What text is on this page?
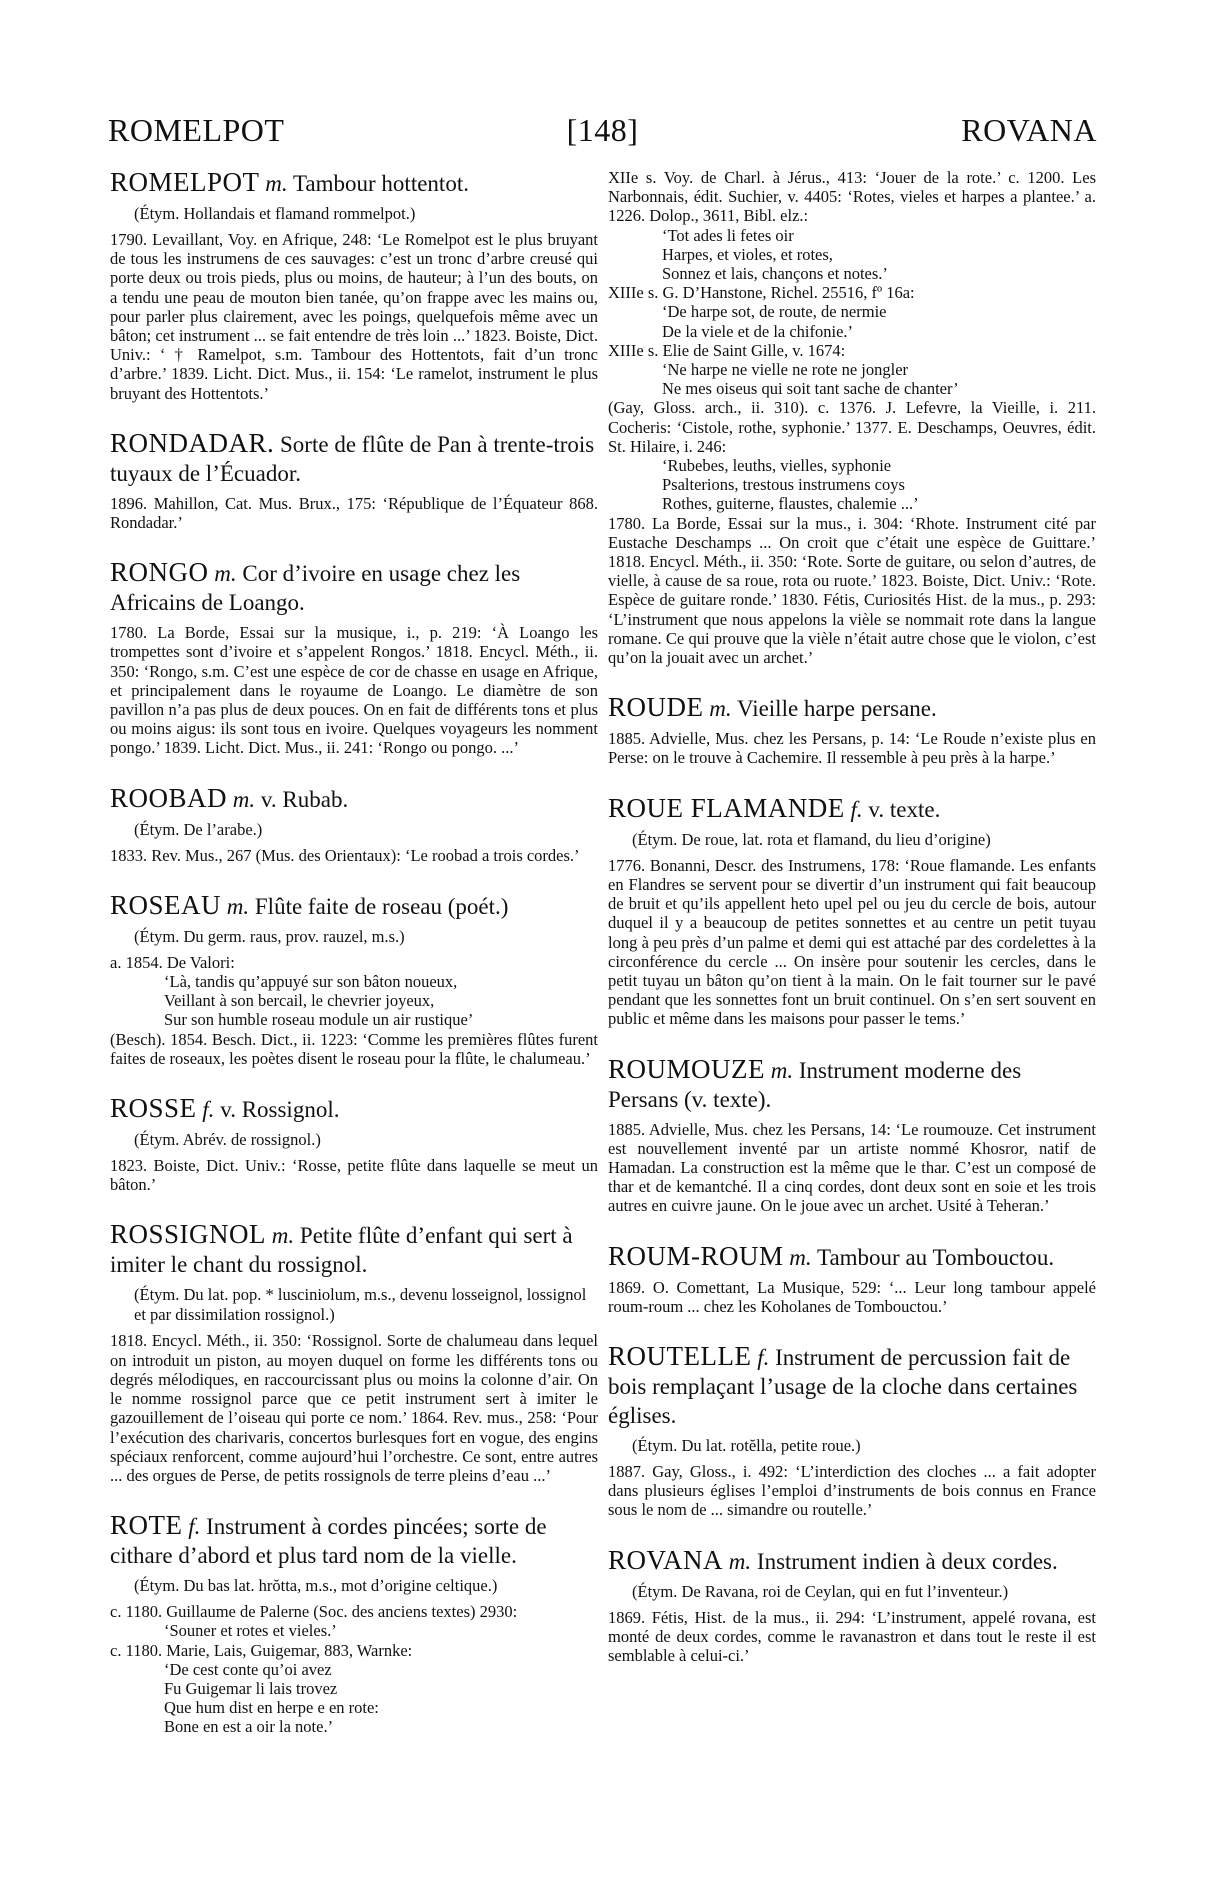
ROMELPOT	[148]	ROVANA

ROMELPOT m. Tambour hottentot.

(Étym. Hollandais et flamand rommelpot.)

1790. Levaillant, Voy. en Afrique, 248: ‘Le Romelpot est le plus bruyant de tous les instrumens de ces sauvages: c’est un tronc d’arbre creusé qui porte deux ou trois pieds, plus ou moins, de hauteur; à l’un des bouts, on a tendu une peau de mouton bien tanée, qu’on frappe avec les mains ou, pour parler plus clairement, avec les poings, quelquefois même avec un bâton; cet instrument ... se fait entendre de très loin ...’ 1823. Boiste, Dict. Univ.: ‘ † Ramelpot, s.m. Tambour des Hottentots, fait d’un tronc d’arbre.’ 1839. Licht. Dict. Mus., ii. 154: ‘Le ramelot, instrument le plus bruyant des Hottentots.’

RONDADAR. Sorte de flûte de Pan à trente-trois tuyaux de l’Écuador.

1896. Mahillon, Cat. Mus. Brux., 175: ‘République de l’Équateur 868. Rondadar.’

RONGO m. Cor d’ivoire en usage chez les Africains de Loango.

1780. La Borde, Essai sur la musique, i., p. 219: ‘À Loango les trompettes sont d’ivoire et s’appelent Rongos.’ 1818. Encycl. Méth., ii. 350: ‘Rongo, s.m. C’est une espèce de cor de chasse en usage en Afrique, et principalement dans le royaume de Loango. Le diamètre de son pavillon n’a pas plus de deux pouces. On en fait de différents tons et plus ou moins aigus: ils sont tous en ivoire. Quelques voyageurs les nomment pongo.’ 1839. Licht. Dict. Mus., ii. 241: ‘Rongo ou pongo. ...’

ROOBAD m. v. Rubab.

(Étym. De l’arabe.)

1833. Rev. Mus., 267 (Mus. des Orientaux): ‘Le roobad a trois cordes.’

ROSEAU m. Flûte faite de roseau (poét.)

(Étym. Du germ. raus, prov. rauzel, m.s.)

a. 1854. De Valori:

‘Là, tandis qu’appuyé sur son bâton noueux,

Veillant à son bercail, le chevrier joyeux,

Sur son humble roseau module un air rustique’

(Besch). 1854. Besch. Dict., ii. 1223: ‘Comme les premières flûtes furent faites de roseaux, les poètes disent le roseau pour la flûte, le chalumeau.’

ROSSE f. v. Rossignol.

(Étym. Abrév. de rossignol.)

1823. Boiste, Dict. Univ.: ‘Rosse, petite flûte dans laquelle se meut un bâton.’

ROSSIGNOL m. Petite flûte d’enfant qui sert à imiter le chant du rossignol.

(Étym. Du lat. pop. * lusciniolum, m.s., devenu losseignol, lossignol et par dissimilation rossignol.)

1818. Encycl. Méth., ii. 350: ‘Rossignol. Sorte de chalumeau dans lequel on introduit un piston, au moyen duquel on forme les différents tons ou degrés mélodiques, en raccourcissant plus ou moins la colonne d’air. On le nomme rossignol parce que ce petit instrument sert à imiter le gazouillement de l’oiseau qui porte ce nom.’ 1864. Rev. mus., 258: ‘Pour l’exécution des charivaris, concertos burlesques fort en vogue, des engins spéciaux renforcent, comme aujourd’hui l’orchestre. Ce sont, entre autres ... des orgues de Perse, de petits rossignols de terre pleins d’eau ...’

ROTE f. Instrument à cordes pincées; sorte de cithare d’abord et plus tard nom de la vielle.

(Étym. Du bas lat. hrŏtta, m.s., mot d’origine celtique.)

c. 1180. Guillaume de Palerne (Soc. des anciens textes) 2930:

‘Souner et rotes et vieles.’

c. 1180. Marie, Lais, Guigemar, 883, Warnke:

‘De cest conte qu’oi avez

Fu Guigemar li lais trovez

Que hum dist en herpe e en rote:

Bone en est a oir la note.’

XIIe s. Voy. de Charl. à Jérus., 413: ‘Jouer de la rote.’ c. 1200. Les Narbonnais, édit. Suchier, v. 4405: ‘Rotes, vieles et harpes a plantee.’ a. 1226. Dolop., 3611, Bibl. elz.:

‘Tot ades li fetes oir

Harpes, et violes, et rotes,

Sonnez et lais, chançons et notes.’

XIIIe s. G. D’Hanstone, Richel. 25516, fº 16a:

‘De harpe sot, de route, de nermie

De la viele et de la chifonie.’

XIIIe s. Elie de Saint Gille, v. 1674:

‘Ne harpe ne vielle ne rote ne jongler

Ne mes oiseus qui soit tant sache de chanter’

(Gay, Gloss. arch., ii. 310). c. 1376. J. Lefevre, la Vieille, i. 211. Cocheris: ‘Cistole, rothe, syphonie.’ 1377. E. Deschamps, Oeuvres, édit. St. Hilaire, i. 246:

‘Rubebes, leuths, vielles, syphonie

Psalterions, trestous instrumens coys

Rothes, guiterne, flaustes, chalemie ...’

1780. La Borde, Essai sur la mus., i. 304: ‘Rhote. Instrument cité par Eustache Deschamps ... On croit que c’était une espèce de Guittare.’ 1818. Encycl. Méth., ii. 350: ‘Rote. Sorte de guitare, ou selon d’autres, de vielle, à cause de sa roue, rota ou ruote.’ 1823. Boiste, Dict. Univ.: ‘Rote. Espèce de guitare ronde.’ 1830. Fétis, Curiosités Hist. de la mus., p. 293: ‘L’instrument que nous appelons la vièle se nommait rote dans la langue romane. Ce qui prouve que la vièle n’était autre chose que le violon, c’est qu’on la jouait avec un archet.’

ROUDE m. Vieille harpe persane.

1885. Advielle, Mus. chez les Persans, p. 14: ‘Le Roude n’existe plus en Perse: on le trouve à Cachemire. Il ressemble à peu près à la harpe.’

ROUE FLAMANDE f. v. texte.

(Étym. De roue, lat. rota et flamand, du lieu d’origine)

1776. Bonanni, Descr. des Instrumens, 178: ‘Roue flamande. Les enfants en Flandres se servent pour se divertir d’un instrument qui fait beaucoup de bruit et qu’ils appellent heto upel pel ou jeu du cercle de bois, autour duquel il y a beaucoup de petites sonnettes et au centre un petit tuyau long à peu près d’un palme et demi qui est attaché par des cordelettes à la circonférence du cercle ... On insère pour soutenir les cercles, dans le petit tuyau un bâton qu’on tient à la main. On le fait tourner sur le pavé pendant que les sonnettes font un bruit continuel. On s’en sert souvent en public et même dans les maisons pour passer le tems.’

ROUMOUZE m. Instrument moderne des Persans (v. texte).

1885. Advielle, Mus. chez les Persans, 14: ‘Le roumouze. Cet instrument est nouvellement inventé par un artiste nommé Khosror, natif de Hamadan. La construction est la même que le thar. C’est un composé de thar et de kemantché. Il a cinq cordes, dont deux sont en soie et les trois autres en cuivre jaune. On le joue avec un archet. Usité à Teheran.’

ROUM-ROUM m. Tambour au Tombouctou.

1869. O. Comettant, La Musique, 529: ‘... Leur long tambour appelé roum-roum ... chez les Koholanes de Tombouctou.’

ROUTELLE f. Instrument de percussion fait de bois remplaçant l’usage de la cloche dans certaines églises.

(Étym. Du lat. rotĕlla, petite roue.)

1887. Gay, Gloss., i. 492: ‘L’interdiction des cloches ... a fait adopter dans plusieurs églises l’emploi d’instruments de bois connus en France sous le nom de ... simandre ou routelle.’

ROVANA m. Instrument indien à deux cordes.

(Étym. De Ravana, roi de Ceylan, qui en fut l’inventeur.)

1869. Fétis, Hist. de la mus., ii. 294: ‘L’instrument, appelé rovana, est monté de deux cordes, comme le ravanastron et dans tout le reste il est semblable à celui-ci.’
